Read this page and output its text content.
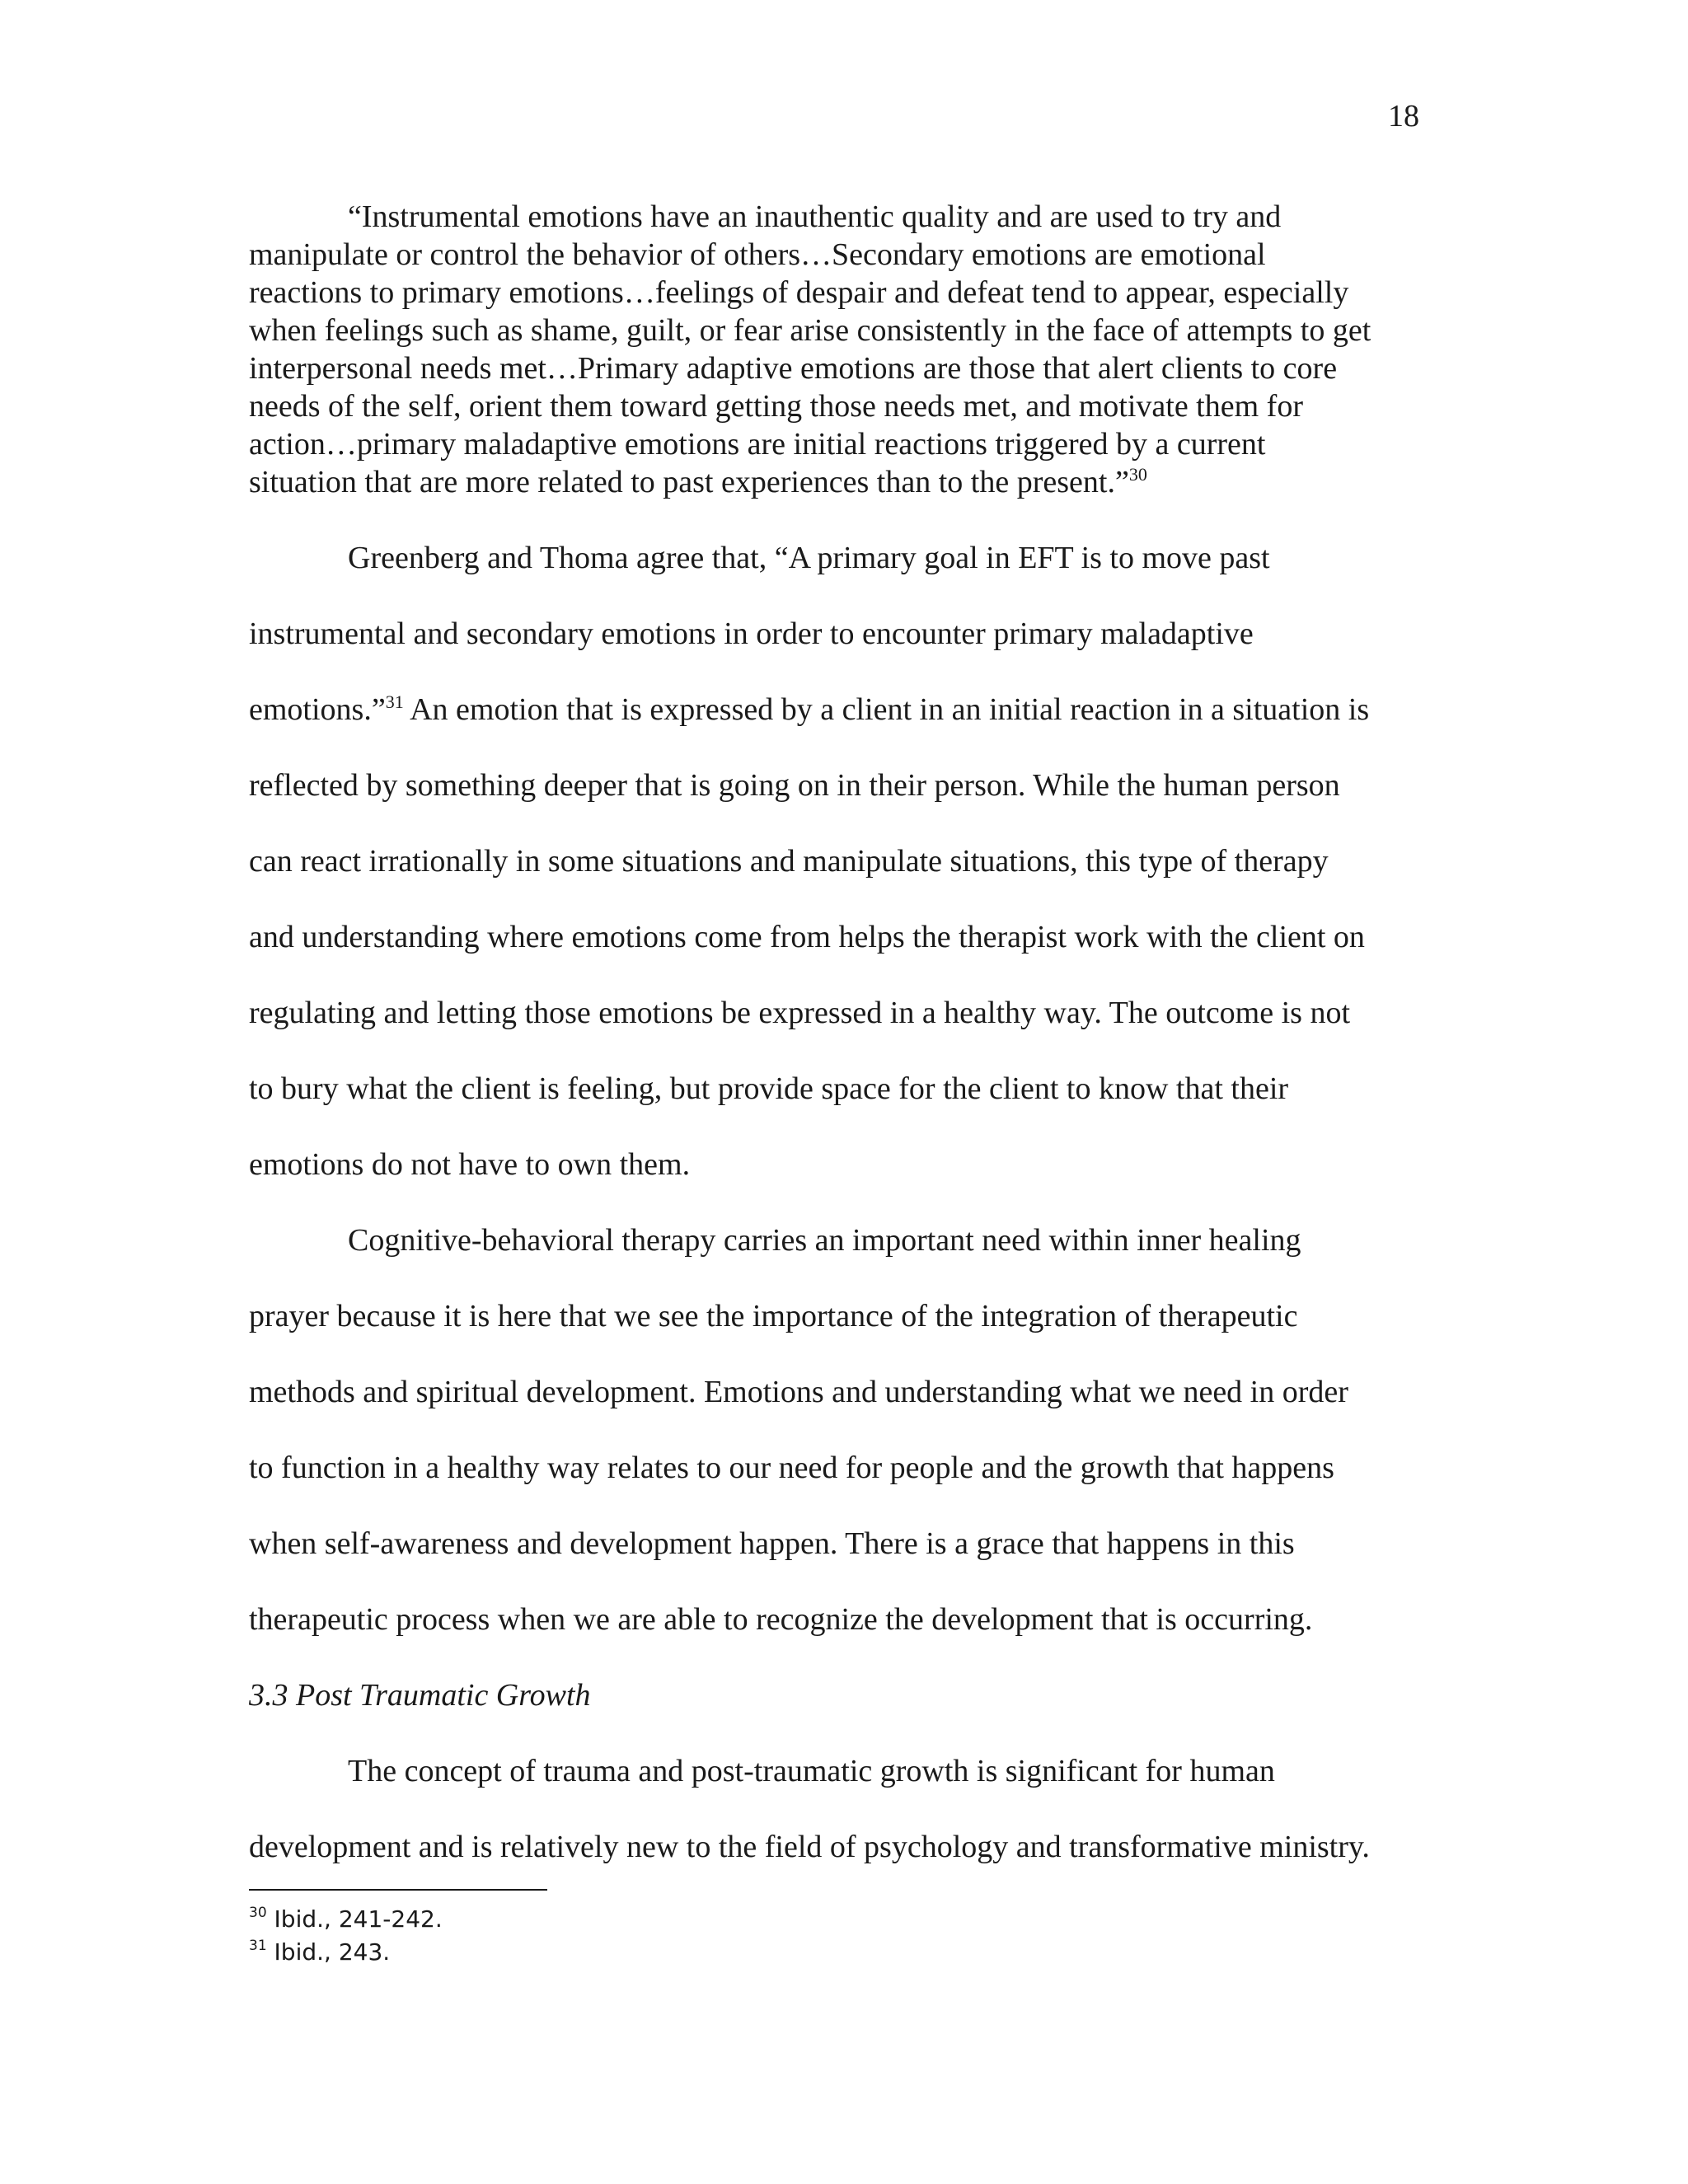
18
“Instrumental emotions have an inauthentic quality and are used to try and
manipulate or control the behavior of others…Secondary emotions are emotional
reactions to primary emotions…feelings of despair and defeat tend to appear, especially
when feelings such as shame, guilt, or fear arise consistently in the face of attempts to get
interpersonal needs met…Primary adaptive emotions are those that alert clients to core
needs of the self, orient them toward getting those needs met, and motivate them for
action…primary maladaptive emotions are initial reactions triggered by a current
situation that are more related to past experiences than to the present.”$^{30}$
Greenberg and Thoma agree that, “A primary goal in EFT is to move past
instrumental and secondary emotions in order to encounter primary maladaptive
emotions.”$^{31}$ An emotion that is expressed by a client in an initial reaction in a situation is
reflected by something deeper that is going on in their person. While the human person
can react irrationally in some situations and manipulate situations, this type of therapy
and understanding where emotions come from helps the therapist work with the client on
regulating and letting those emotions be expressed in a healthy way. The outcome is not
to bury what the client is feeling, but provide space for the client to know that their
emotions do not have to own them.
Cognitive-behavioral therapy carries an important need within inner healing
prayer because it is here that we see the importance of the integration of therapeutic
methods and spiritual development. Emotions and understanding what we need in order
to function in a healthy way relates to our need for people and the growth that happens
when self-awareness and development happen. There is a grace that happens in this
therapeutic process when we are able to recognize the development that is occurring.
3.3 Post Traumatic Growth
The concept of trauma and post-traumatic growth is significant for human
development and is relatively new to the field of psychology and transformative ministry.
$^{30}$ Ibid., 241-242.
$^{31}$ Ibid., 243.
